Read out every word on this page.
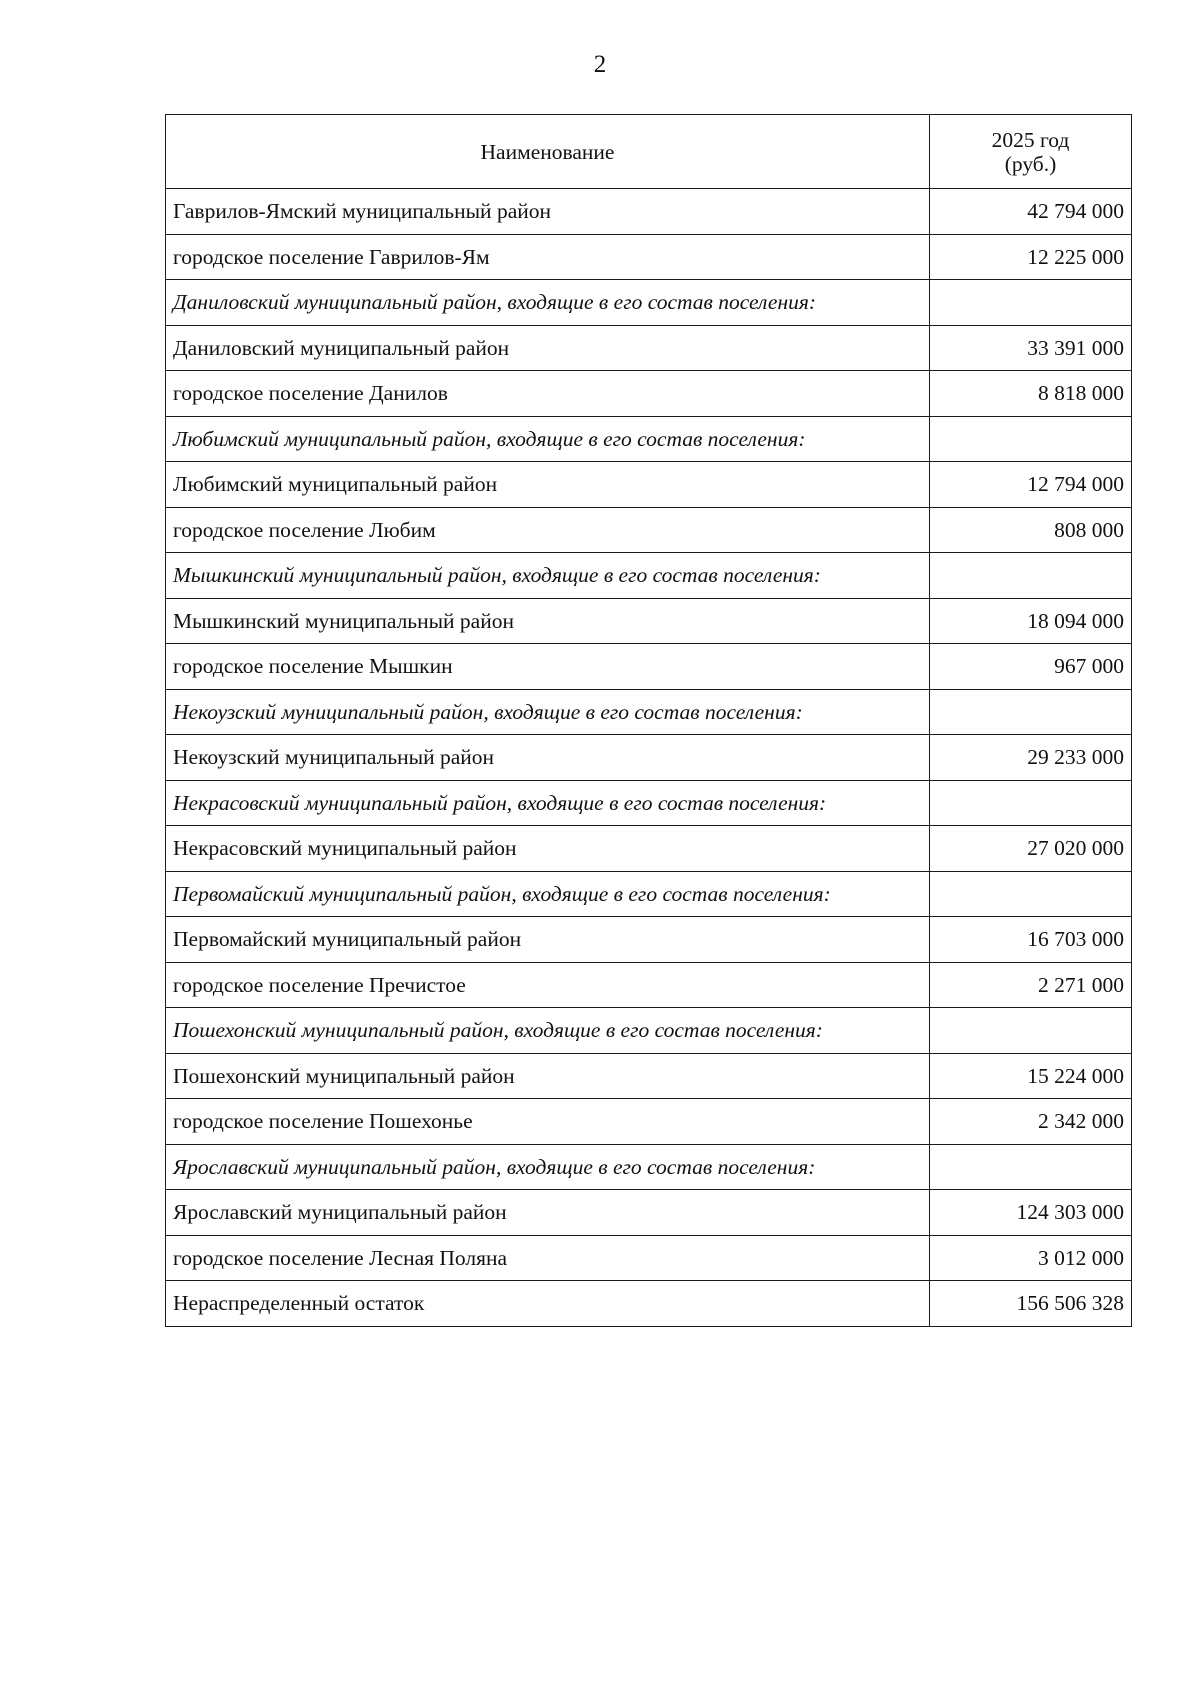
2
Наименование	2025 год
(руб.)

Гаврилов-Ямский муниципальный район	42 794 000
городское поселение Гаврилов-Ям	12 225 000
Даниловский муниципальный район, входящие в его состав поселения:	
Даниловский муниципальный район	33 391 000
городское поселение Данилов	8 818 000
Любимский муниципальный район, входящие в его состав поселения:	
Любимский муниципальный район	12 794 000
городское поселение Любим	808 000
Мышкинский муниципальный район, входящие в его состав поселения:	
Мышкинский муниципальный район	18 094 000
городское поселение Мышкин	967 000
Некоузский муниципальный район, входящие в его состав поселения:	
Некоузский муниципальный район	29 233 000
Некрасовский муниципальный район, входящие в его состав поселения:	
Некрасовский муниципальный район	27 020 000
Первомайский муниципальный район, входящие в его состав поселения:	
Первомайский муниципальный район	16 703 000
городское поселение Пречистое	2 271 000
Пошехонский муниципальный район, входящие в его состав поселения:	
Пошехонский муниципальный район	15 224 000
городское поселение Пошехонье	2 342 000
Ярославский муниципальный район, входящие в его состав поселения:	
Ярославский муниципальный район	124 303 000
городское поселение Лесная Поляна	3 012 000
Нераспределенный остаток	156 506 328
